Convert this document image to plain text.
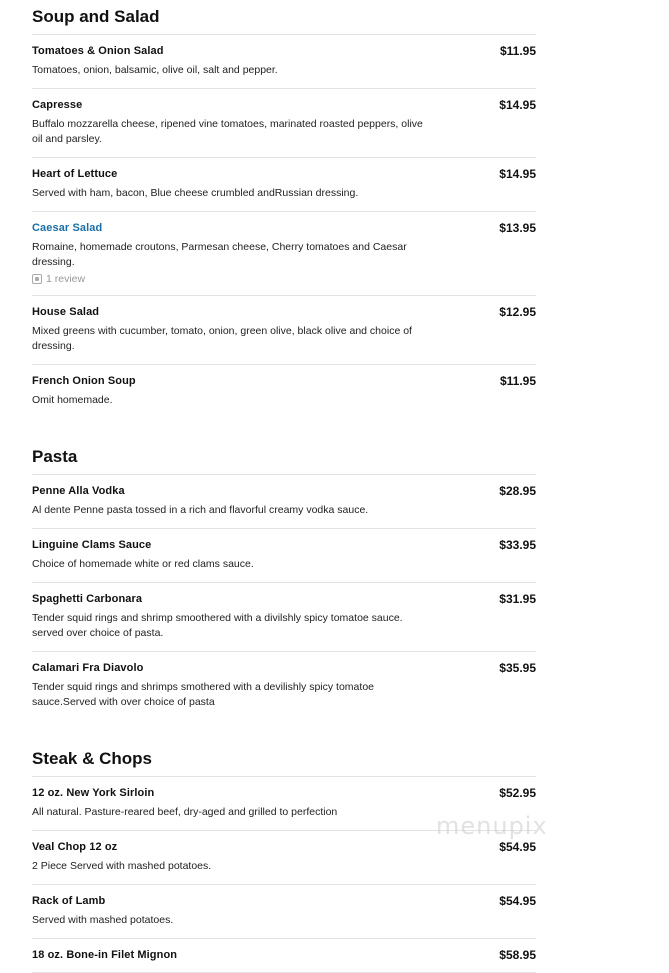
Soup and Salad
Tomatoes & Onion Salad	$11.95
Tomatoes, onion, balsamic, olive oil, salt and pepper.
Capresse	$14.95
Buffalo mozzarella cheese, ripened vine tomatoes, marinated roasted peppers, olive oil and parsley.
Heart of Lettuce	$14.95
Served with ham, bacon, Blue cheese crumbled andRussian dressing.
Caesar Salad	$13.95
Romaine, homemade croutons, Parmesan cheese, Cherry tomatoes and Caesar dressing.
1 review
House Salad	$12.95
Mixed greens with cucumber, tomato, onion, green olive, black olive and choice of dressing.
French Onion Soup	$11.95
Omit homemade.
Pasta
Penne Alla Vodka	$28.95
Al dente Penne pasta tossed in a rich and flavorful creamy vodka sauce.
Linguine Clams Sauce	$33.95
Choice of homemade white or red clams sauce.
Spaghetti Carbonara	$31.95
Tender squid rings and shrimp smoothered with a divilshly spicy tomatoe sauce. served over choice of pasta.
Calamari Fra Diavolo	$35.95
Tender squid rings and shrimps smothered with a devilishly spicy tomatoe sauce.Served with over choice of pasta
Steak & Chops
12 oz. New York Sirloin	$52.95
All natural. Pasture-reared beef, dry-aged and grilled to perfection
Veal Chop 12 oz	$54.95
2 Piece Served with mashed potatoes.
Rack of Lamb	$54.95
Served with mashed potatoes.
18 oz. Bone-in Filet Mignon	$58.95
menupix
